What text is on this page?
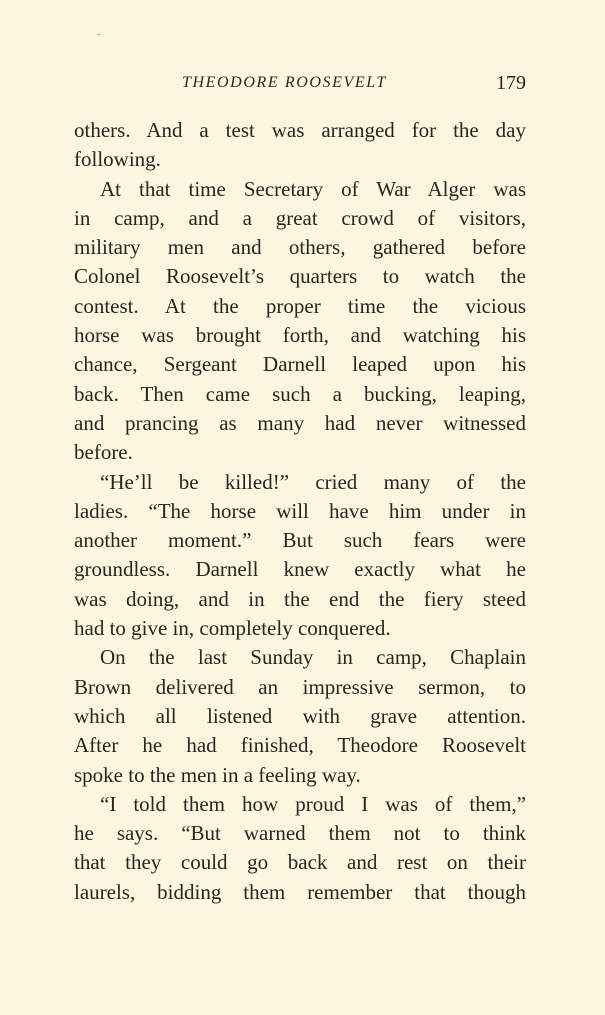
THEODORE ROOSEVELT	179
others. And a test was arranged for the day
following.
At that time Secretary of War Alger was
in camp, and a great crowd of visitors,
military men and others, gathered before
Colonel Roosevelt’s quarters to watch the
contest. At the proper time the vicious
horse was brought forth, and watching his
chance, Sergeant Darnell leaped upon his
back. Then came such a bucking, leaping,
and prancing as many had never witnessed
before.
“He’ll be killed!” cried many of the
ladies. “The horse will have him under in
another moment.” But such fears were
groundless. Darnell knew exactly what he
was doing, and in the end the fiery steed
had to give in, completely conquered.
On the last Sunday in camp, Chaplain
Brown delivered an impressive sermon, to
which all listened with grave attention.
After he had finished, Theodore Roosevelt
spoke to the men in a feeling way.
“I told them how proud I was of them,”
he says. “But warned them not to think
that they could go back and rest on their
laurels, bidding them remember that though
